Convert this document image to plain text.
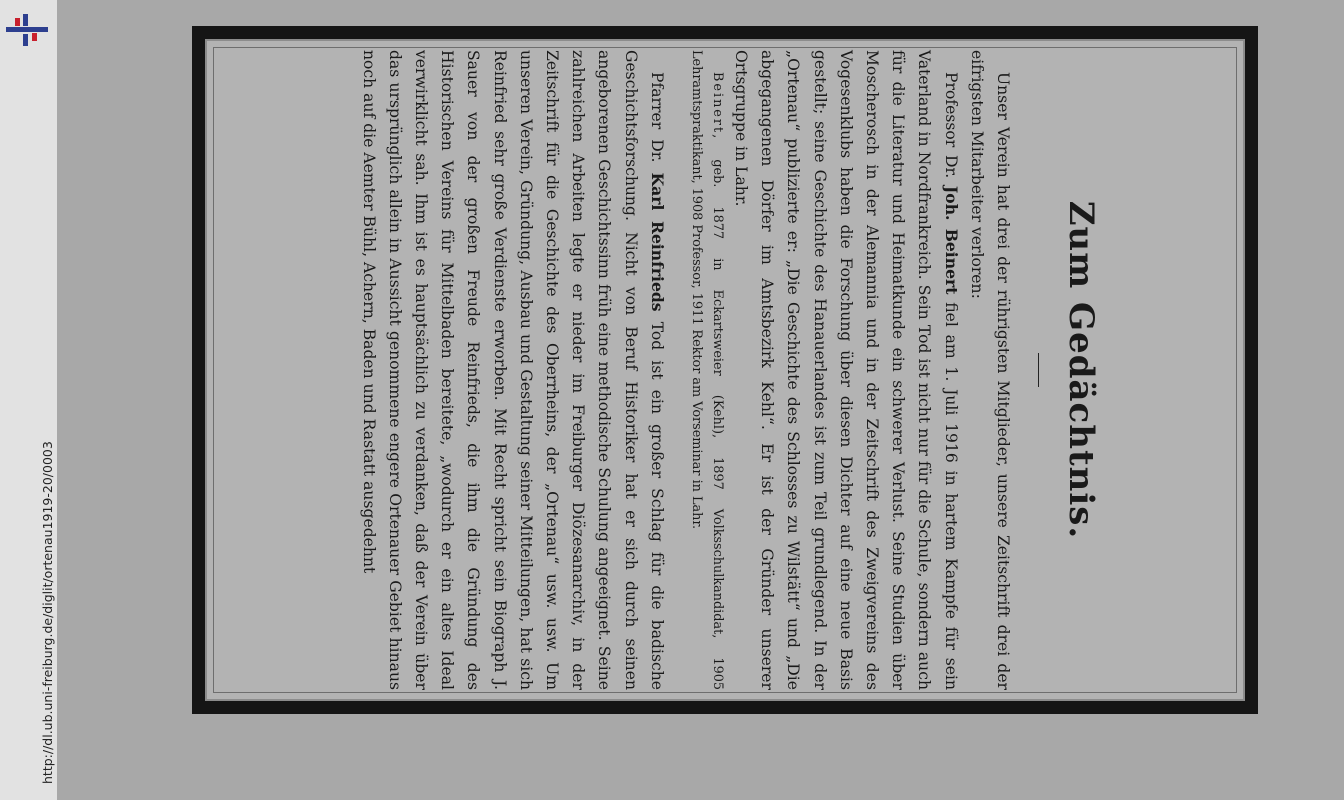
http://dl.ub.uni-freiburg.de/diglit/ortenau1919-20/0003
Zum Gedächtnis.

Unser Verein hat drei der rührigsten Mitglieder, unsere Zeitschrift drei der eifrigsten Mitarbeiter verloren:

Professor Dr. Joh. Beinert fiel am 1. Juli 1916 in hartem Kampfe für sein Vaterland in Nordfrankreich. Sein Tod ist nicht nur für die Schule, sondern auch für die Literatur und Heimatkunde ein schwerer Verlust. Seine Studien über Moscherosch in der Alemannia und in der Zeitschrift des Zweigvereins des Vogesenklubs haben die Forschung über diesen Dichter auf eine neue Basis gestellt; seine Geschichte des Hanauerlandes ist zum Teil grundlegend. In der „Ortenau“ publizierte er: „Die Geschichte des Schlosses zu Wilstätt“ und „Die abgegangenen Dörfer im Amtsbezirk Kehl“. Er ist der Gründer unserer Ortsgruppe in Lahr.

Beinert, geb. 1877 in Eckartsweier (Kehl), 1897 Volksschulkandidat, 1905 Lehramtspraktikant, 1908 Professor, 1911 Rektor am Vorseminar in Lahr.

Pfarrer Dr. Karl Reinfrieds Tod ist ein großer Schlag für die badische Geschichtsforschung. Nicht von Beruf Historiker hat er sich durch seinen angeborenen Geschichtssinn früh eine methodische Schulung angeeignet. Seine zahlreichen Arbeiten legte er nieder im Freiburger Diözesanarchiv, in der Zeitschrift für die Geschichte des Oberrheins, der „Ortenau“ usw. usw. Um unseren Verein, Gründung, Ausbau und Gestaltung seiner Mitteilungen, hat sich Reinfried sehr große Verdienste erworben. Mit Recht spricht sein Biograph J. Sauer von der großen Freude Reinfrieds, die ihm die Gründung des Historischen Vereins für Mittelbaden bereitete, „wodurch er ein altes Ideal verwirklicht sah. Ihm ist es hauptsächlich zu verdanken, daß der Verein über das ursprünglich allein in Aussicht genommene engere Ortenauer Gebiet hinaus noch auf die Aemter Bühl, Achern, Baden und Rastatt ausgedehnt
